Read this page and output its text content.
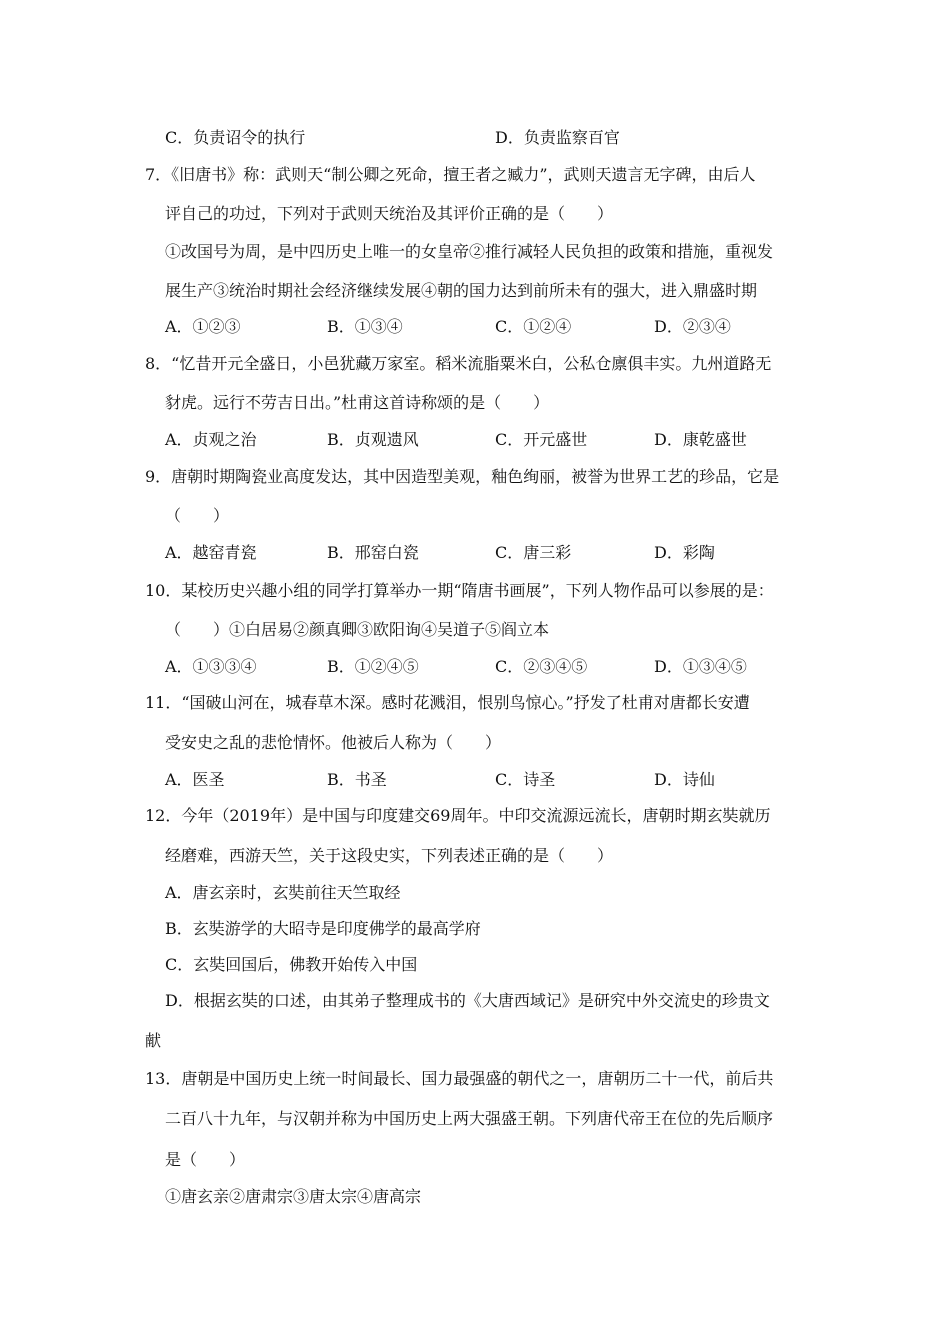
C．负责诏令的执行	D．负责监察百官
7．《旧唐书》称：武则天“制公卿之死命，擅王者之臧力”，武则天遗言无字碑，由后人
评自己的功过，下列对于武则天统治及其评价正确的是（　　）
①改国号为周，是中四历史上唯一的女皇帝②推行减轻人民负担的政策和措施，重视发
展生产③统治时期社会经济继续发展④朝的国力达到前所未有的强大，进入鼎盛时期
A．①②③	B．①③④	C．①②④	D．②③④
8．“忆昔开元全盛日，小邑犹藏万家室。稻米流脂粟米白，公私仓廪俱丰实。九州道路无
豺虎。远行不劳吉日出。”杜甫这首诗称颂的是（　　）
A．贞观之治	B．贞观遗风	C．开元盛世	D．康乾盛世
9．唐朝时期陶瓷业高度发达，其中因造型美观，釉色绚丽，被誉为世界工艺的珍品，它是
（　　）
A．越窑青瓷	B．邢窑白瓷	C．唐三彩	D．彩陶
10．某校历史兴趣小组的同学打算举办一期“隋唐书画展”，下列人物作品可以参展的是：
（　　）①白居易②颜真卿③欧阳询④吴道子⑤阎立本
A．①③③④	B．①②④⑤	C．②③④⑤	D．①③④⑤
11．“国破山河在，城春草木深。感时花溅泪，恨别鸟惊心。”抒发了杜甫对唐都长安遭
受安史之乱的悲怆情怀。他被后人称为（　　）
A．医圣	B．书圣	C．诗圣	D．诗仙
12．今年（2019年）是中国与印度建交69周年。中印交流源远流长，唐朝时期玄奘就历
经磨难，西游天竺，关于这段史实，下列表述正确的是（　　）
A．唐玄亲时，玄奘前往天竺取经
B．玄奘游学的大昭寺是印度佛学的最高学府
C．玄奘回国后，佛教开始传入中国
D．根据玄奘的口述，由其弟子整理成书的《大唐西域记》是研究中外交流史的珍贵文
献
13．唐朝是中国历史上统一时间最长、国力最强盛的朝代之一，唐朝历二十一代，前后共
二百八十九年，与汉朝并称为中国历史上两大强盛王朝。下列唐代帝王在位的先后顺序
是（　　）
①唐玄亲②唐肃宗③唐太宗④唐高宗
